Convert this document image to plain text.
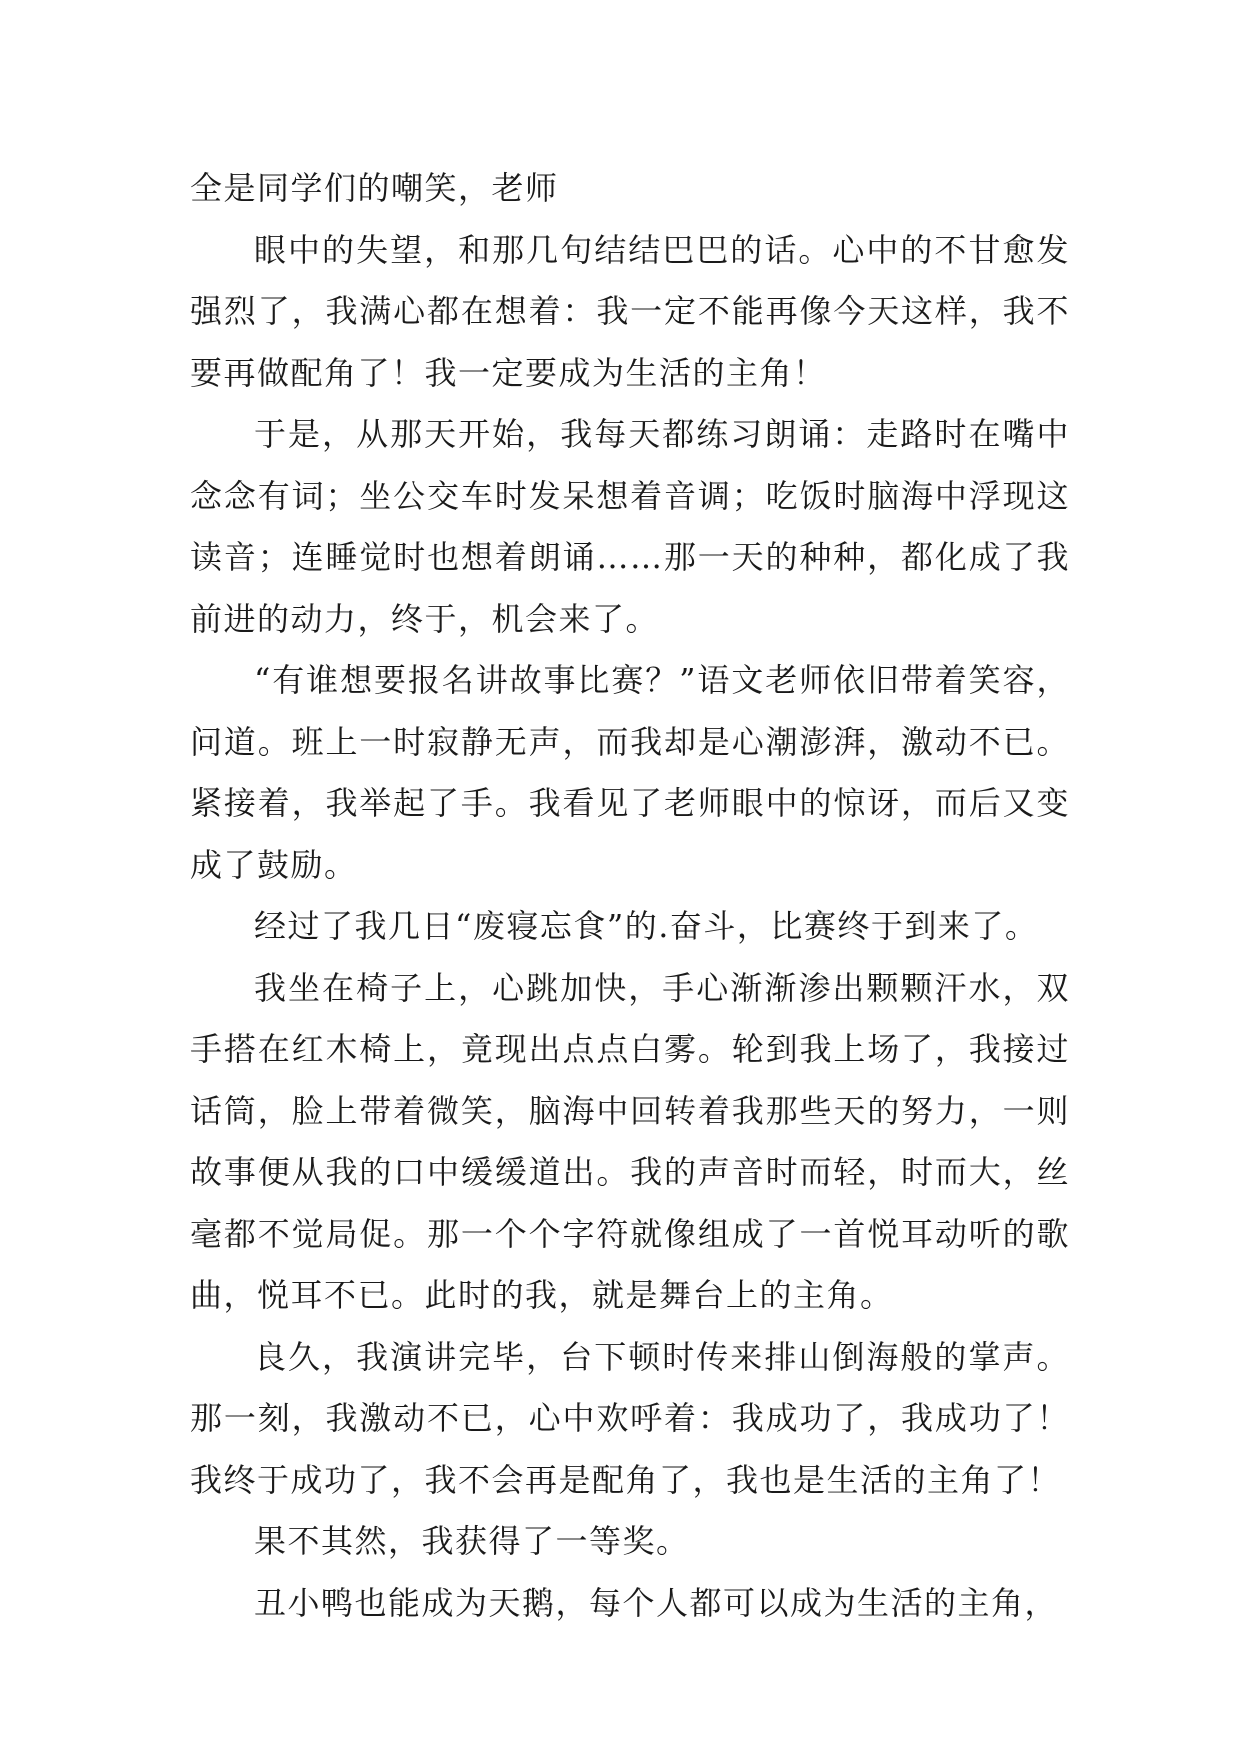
全是同学们的嘲笑，老师

眼中的失望，和那几句结结巴巴的话。心中的不甘愈发强烈了，我满心都在想着：我一定不能再像今天这样，我不要再做配角了！我一定要成为生活的主角！

于是，从那天开始，我每天都练习朗诵：走路时在嘴中念念有词；坐公交车时发呆想着音调；吃饭时脑海中浮现这读音；连睡觉时也想着朗诵……那一天的种种，都化成了我前进的动力，终于，机会来了。

“有谁想要报名讲故事比赛？”语文老师依旧带着笑容，问道。班上一时寂静无声，而我却是心潮澎湃，激动不已。紧接着，我举起了手。我看见了老师眼中的惊讶，而后又变成了鼓励。

经过了我几日“废寝忘食”的.奋斗，比赛终于到来了。

我坐在椅子上，心跳加快，手心渐渐渗出颗颗汗水，双手搭在红木椅上，竟现出点点白雾。轮到我上场了，我接过话筒，脸上带着微笑，脑海中回转着我那些天的努力，一则故事便从我的口中缓缓道出。我的声音时而轻，时而大，丝毫都不觉局促。那一个个字符就像组成了一首悦耳动听的歌曲，悦耳不已。此时的我，就是舞台上的主角。

良久，我演讲完毕，台下顿时传来排山倒海般的掌声。那一刻，我激动不已，心中欢呼着：我成功了，我成功了！我终于成功了，我不会再是配角了，我也是生活的主角了！

果不其然，我获得了一等奖。

丑小鸭也能成为天鹅，每个人都可以成为生活的主角，
